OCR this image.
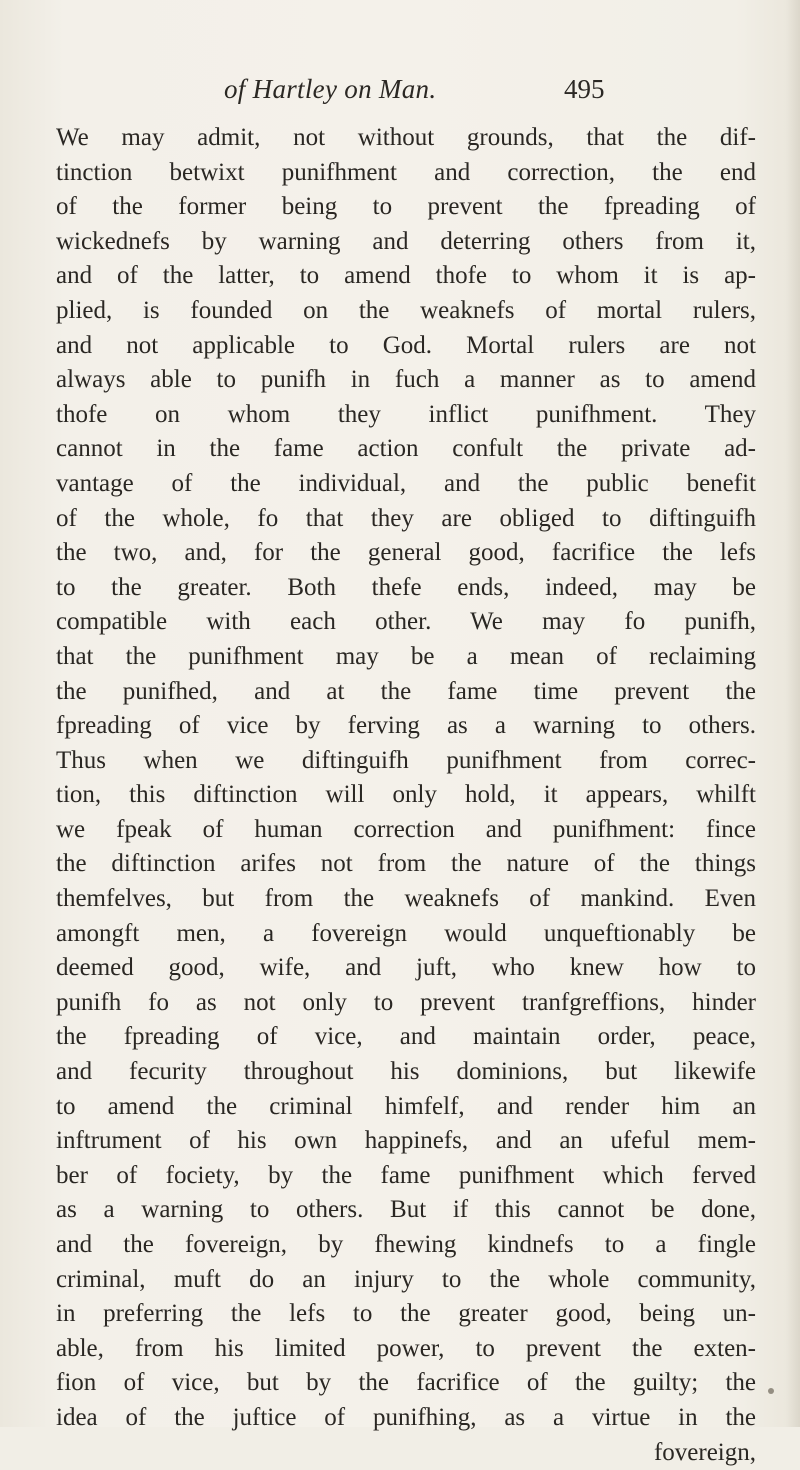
of Hartley on Man.	495
We may admit, not without grounds, that the dif-
tinction betwixt punifhment and correction, the end
of the former being to prevent the fpreading of
wickednefs by warning and deterring others from it,
and of the latter, to amend thofe to whom it is ap-
plied, is founded on the weaknefs of mortal rulers,
and not applicable to God. Mortal rulers are not
always able to punifh in fuch a manner as to amend
thofe on whom they inflict punifhment. They
cannot in the fame action confult the private ad-
vantage of the individual, and the public benefit
of the whole, fo that they are obliged to diftinguifh
the two, and, for the general good, facrifice the lefs
to the greater. Both thefe ends, indeed, may be
compatible with each other. We may fo punifh,
that the punifhment may be a mean of reclaiming
the punifhed, and at the fame time prevent the
fpreading of vice by ferving as a warning to others.
Thus when we diftinguifh punifhment from correc-
tion, this diftinction will only hold, it appears, whilft
we fpeak of human correction and punifhment: fince
the diftinction arifes not from the nature of the things
themfelves, but from the weaknefs of mankind. Even
amongft men, a fovereign would unqueftionably be
deemed good, wife, and juft, who knew how to
punifh fo as not only to prevent tranfgreffions, hinder
the fpreading of vice, and maintain order, peace,
and fecurity throughout his dominions, but likewife
to amend the criminal himfelf, and render him an
inftrument of his own happinefs, and an ufeful mem-
ber of fociety, by the fame punifhment which ferved
as a warning to others. But if this cannot be done,
and the fovereign, by fhewing kindnefs to a fingle
criminal, muft do an injury to the whole community,
in preferring the lefs to the greater good, being un-
able, from his limited power, to prevent the exten-
fion of vice, but by the facrifice of the guilty; the
idea of the juftice of punifhing, as a virtue in the
fovereign,
